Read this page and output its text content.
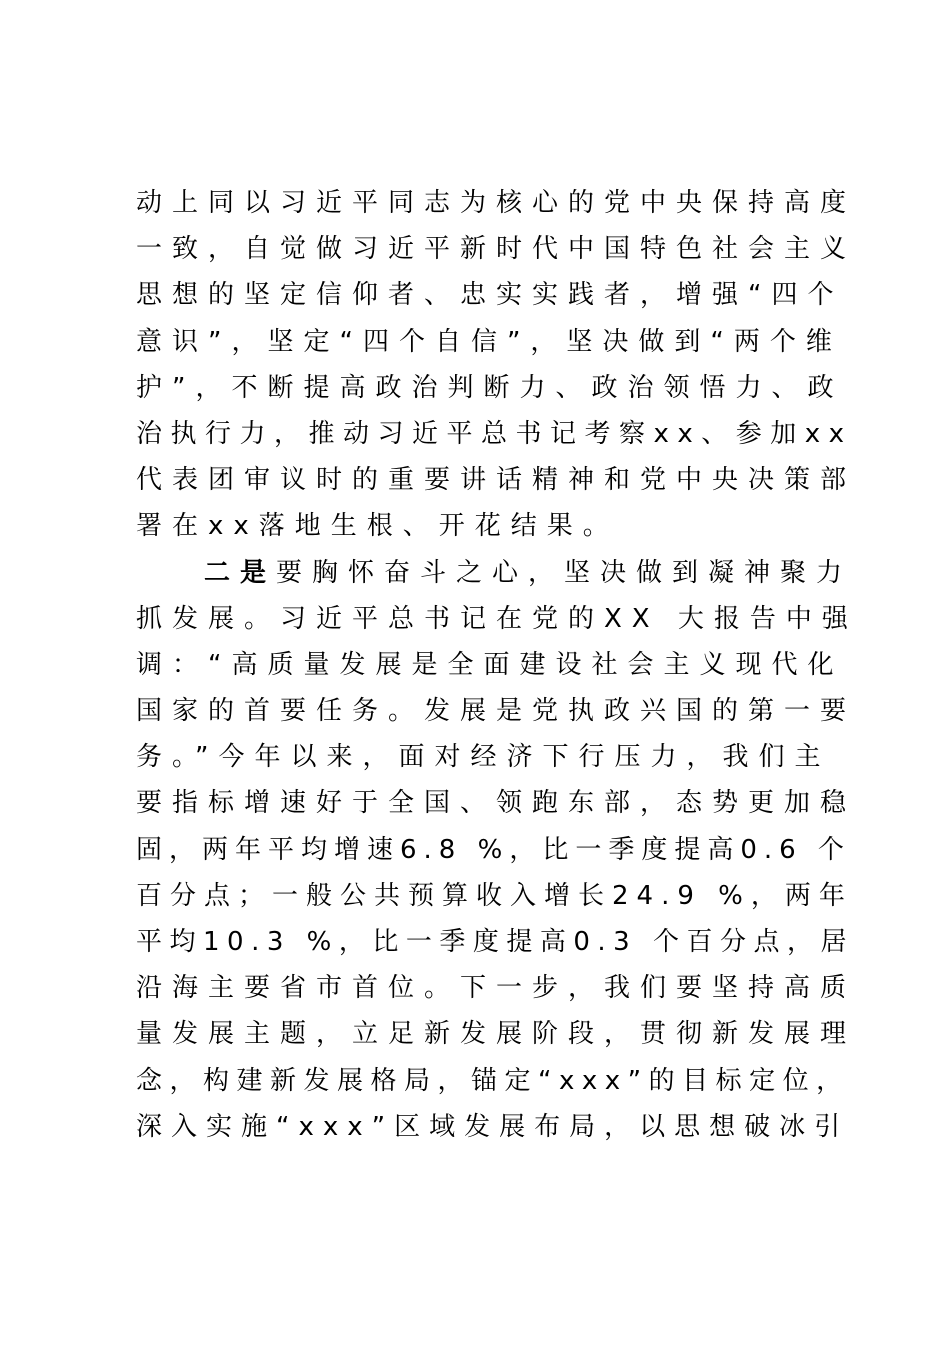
动上同以习近平同志为核心的党中央保持高度
一致，自觉做习近平新时代中国特色社会主义
思想的坚定信仰者、忠实实践者，增强“四个
意识”，坚定“四个自信”，坚决做到“两个维
护”，不断提高政治判断力、政治领悟力、政
治执行力，推动习近平总书记考察xx、参加xx
代表团审议时的重要讲话精神和党中央决策部
署在xx落地生根、开花结果。
二是要胸怀奋斗之心，坚决做到凝神聚力
抓发展。习近平总书记在党的XX 大报告中强
调：“高质量发展是全面建设社会主义现代化
国家的首要任务。发展是党执政兴国的第一要
务。”今年以来，面对经济下行压力，我们主
要指标增速好于全国、领跑东部，态势更加稳
固，两年平均增速6.8 %，比一季度提高0.6 个
百分点；一般公共预算收入增长24.9 %，两年
平均10.3 %，比一季度提高0.3 个百分点，居
沿海主要省市首位。下一步，我们要坚持高质
量发展主题，立足新发展阶段，贯彻新发展理
念，构建新发展格局，锚定“xxx”的目标定位，
深入实施“xxx”区域发展布局，以思想破冰引
